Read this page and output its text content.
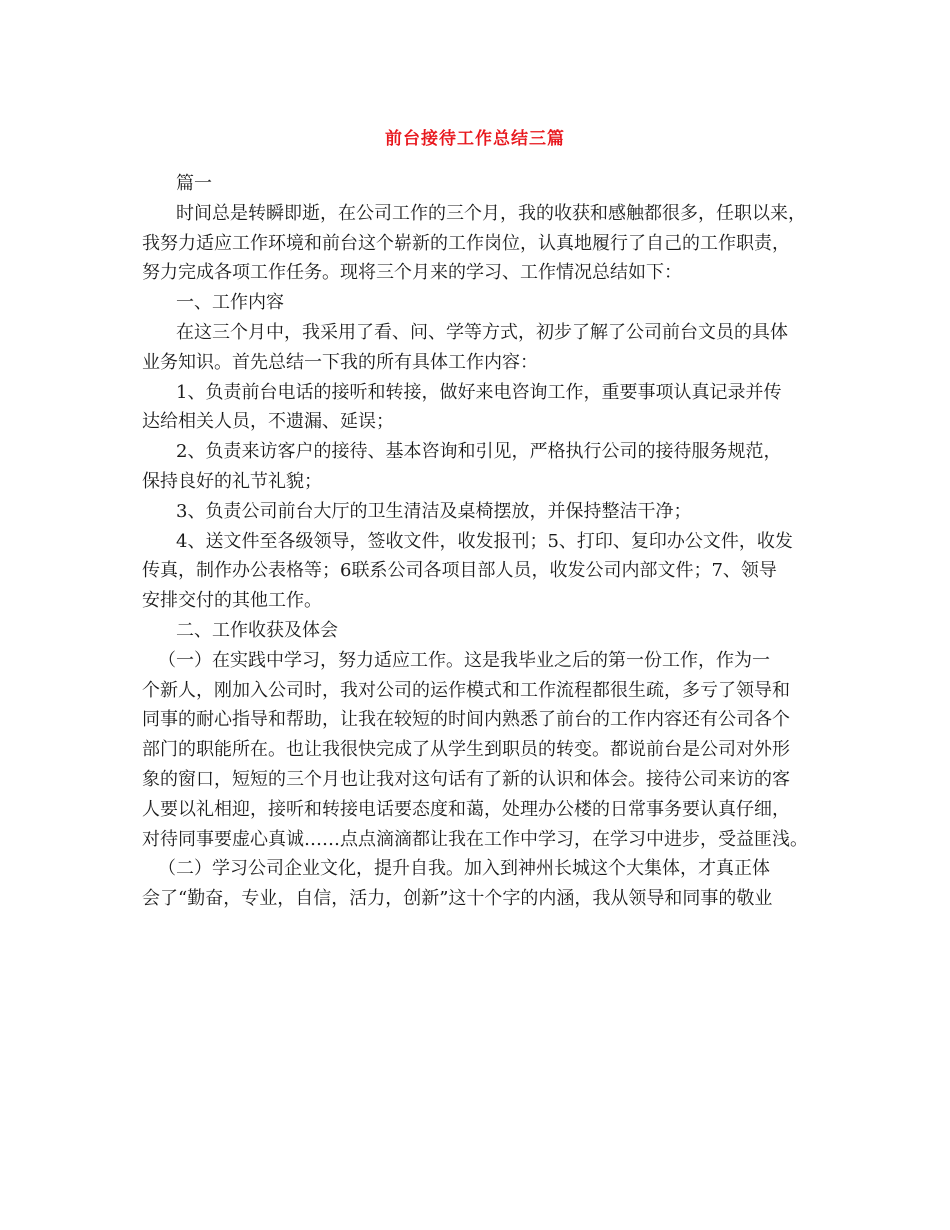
前台接待工作总结三篇
篇一
时间总是转瞬即逝，在公司工作的三个月，我的收获和感触都很多，任职以来，
我努力适应工作环境和前台这个崭新的工作岗位，认真地履行了自己的工作职责，
努力完成各项工作任务。现将三个月来的学习、工作情况总结如下：
一、工作内容
在这三个月中，我采用了看、问、学等方式，初步了解了公司前台文员的具体
业务知识。首先总结一下我的所有具体工作内容：
1、负责前台电话的接听和转接，做好来电咨询工作，重要事项认真记录并传
达给相关人员，不遗漏、延误；
2、负责来访客户的接待、基本咨询和引见，严格执行公司的接待服务规范，
保持良好的礼节礼貌；
3、负责公司前台大厅的卫生清洁及桌椅摆放，并保持整洁干净；
4、送文件至各级领导，签收文件，收发报刊；5、打印、复印办公文件，收发
传真，制作办公表格等；6联系公司各项目部人员，收发公司内部文件；7、领导
安排交付的其他工作。
二、工作收获及体会
（一）在实践中学习，努力适应工作。这是我毕业之后的第一份工作，作为一
个新人，刚加入公司时，我对公司的运作模式和工作流程都很生疏，多亏了领导和
同事的耐心指导和帮助，让我在较短的时间内熟悉了前台的工作内容还有公司各个
部门的职能所在。也让我很快完成了从学生到职员的转变。都说前台是公司对外形
象的窗口，短短的三个月也让我对这句话有了新的认识和体会。接待公司来访的客
人要以礼相迎，接听和转接电话要态度和蔼，处理办公楼的日常事务要认真仔细，
对待同事要虚心真诚……点点滴滴都让我在工作中学习，在学习中进步，受益匪浅。
（二）学习公司企业文化，提升自我。加入到神州长城这个大集体，才真正体
会了“勤奋，专业，自信，活力，创新”这十个字的内涵，我从领导和同事的敬业
